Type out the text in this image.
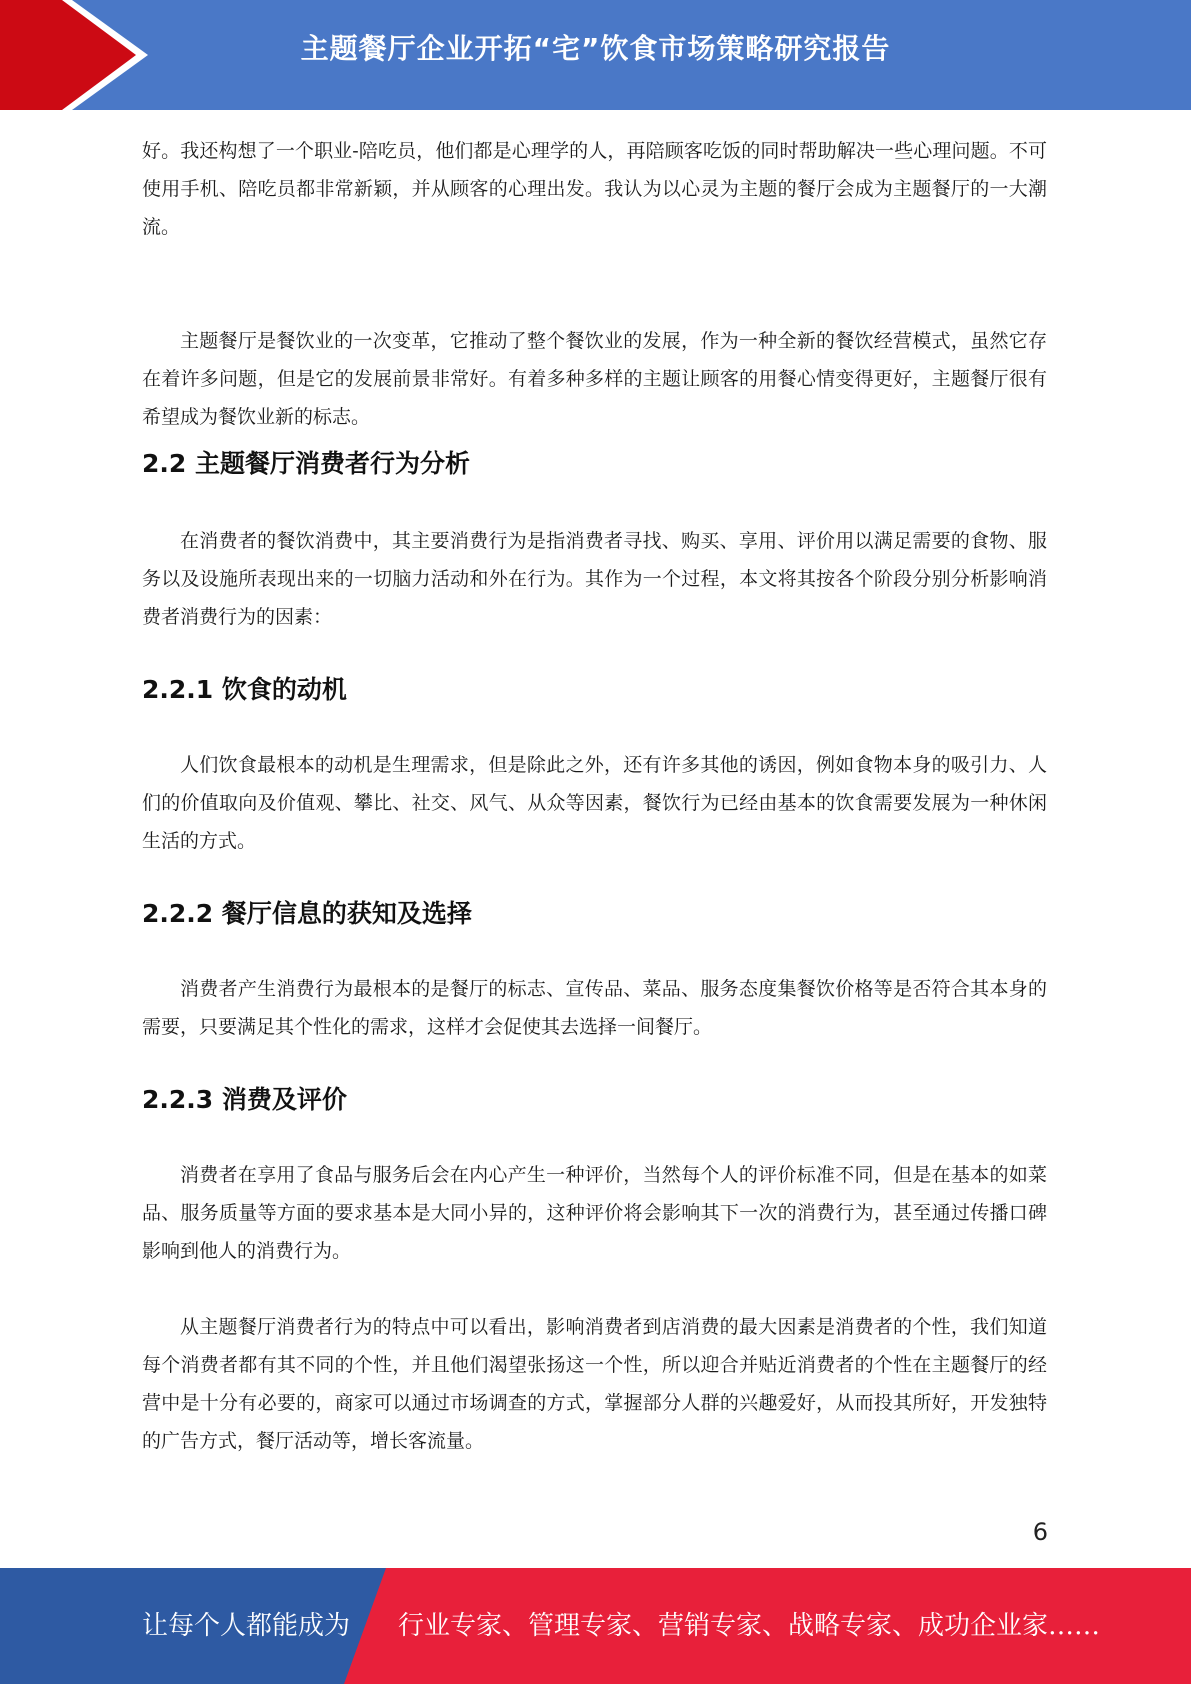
主题餐厅企业开拓“宅”饮食市场策略研究报告

好。我还构想了一个职业-陪吃员，他们都是心理学的人，再陪顾客吃饭的同时帮助解决一些心理问题。不可使用手机、陪吃员都非常新颖，并从顾客的心理出发。我认为以心灵为主题的餐厅会成为主题餐厅的一大潮流。

主题餐厅是餐饮业的一次变革，它推动了整个餐饮业的发展，作为一种全新的餐饮经营模式，虽然它存在着许多问题，但是它的发展前景非常好。有着多种多样的主题让顾客的用餐心情变得更好，主题餐厅很有希望成为餐饮业新的标志。

2.2 主题餐厅消费者行为分析

在消费者的餐饮消费中，其主要消费行为是指消费者寻找、购买、享用、评价用以满足需要的食物、服务以及设施所表现出来的一切脑力活动和外在行为。其作为一个过程，本文将其按各个阶段分别分析影响消费者消费行为的因素：

2.2.1 饮食的动机

人们饮食最根本的动机是生理需求，但是除此之外，还有许多其他的诱因，例如食物本身的吸引力、人们的价值取向及价值观、攀比、社交、风气、从众等因素，餐饮行为已经由基本的饮食需要发展为一种休闲生活的方式。

2.2.2 餐厅信息的获知及选择

消费者产生消费行为最根本的是餐厅的标志、宣传品、菜品、服务态度集餐饮价格等是否符合其本身的需要，只要满足其个性化的需求，这样才会促使其去选择一间餐厅。

2.2.3 消费及评价

消费者在享用了食品与服务后会在内心产生一种评价，当然每个人的评价标准不同，但是在基本的如菜品、服务质量等方面的要求基本是大同小异的，这种评价将会影响其下一次的消费行为，甚至通过传播口碑影响到他人的消费行为。

从主题餐厅消费者行为的特点中可以看出，影响消费者到店消费的最大因素是消费者的个性，我们知道每个消费者都有其不同的个性，并且他们渴望张扬这一个性，所以迎合并贴近消费者的个性在主题餐厅的经营中是十分有必要的，商家可以通过市场调查的方式，掌握部分人群的兴趣爱好，从而投其所好，开发独特的广告方式，餐厅活动等，增长客流量。

6
让每个人都能成为 行业专家、管理专家、营销专家、战略专家、成功企业家……
